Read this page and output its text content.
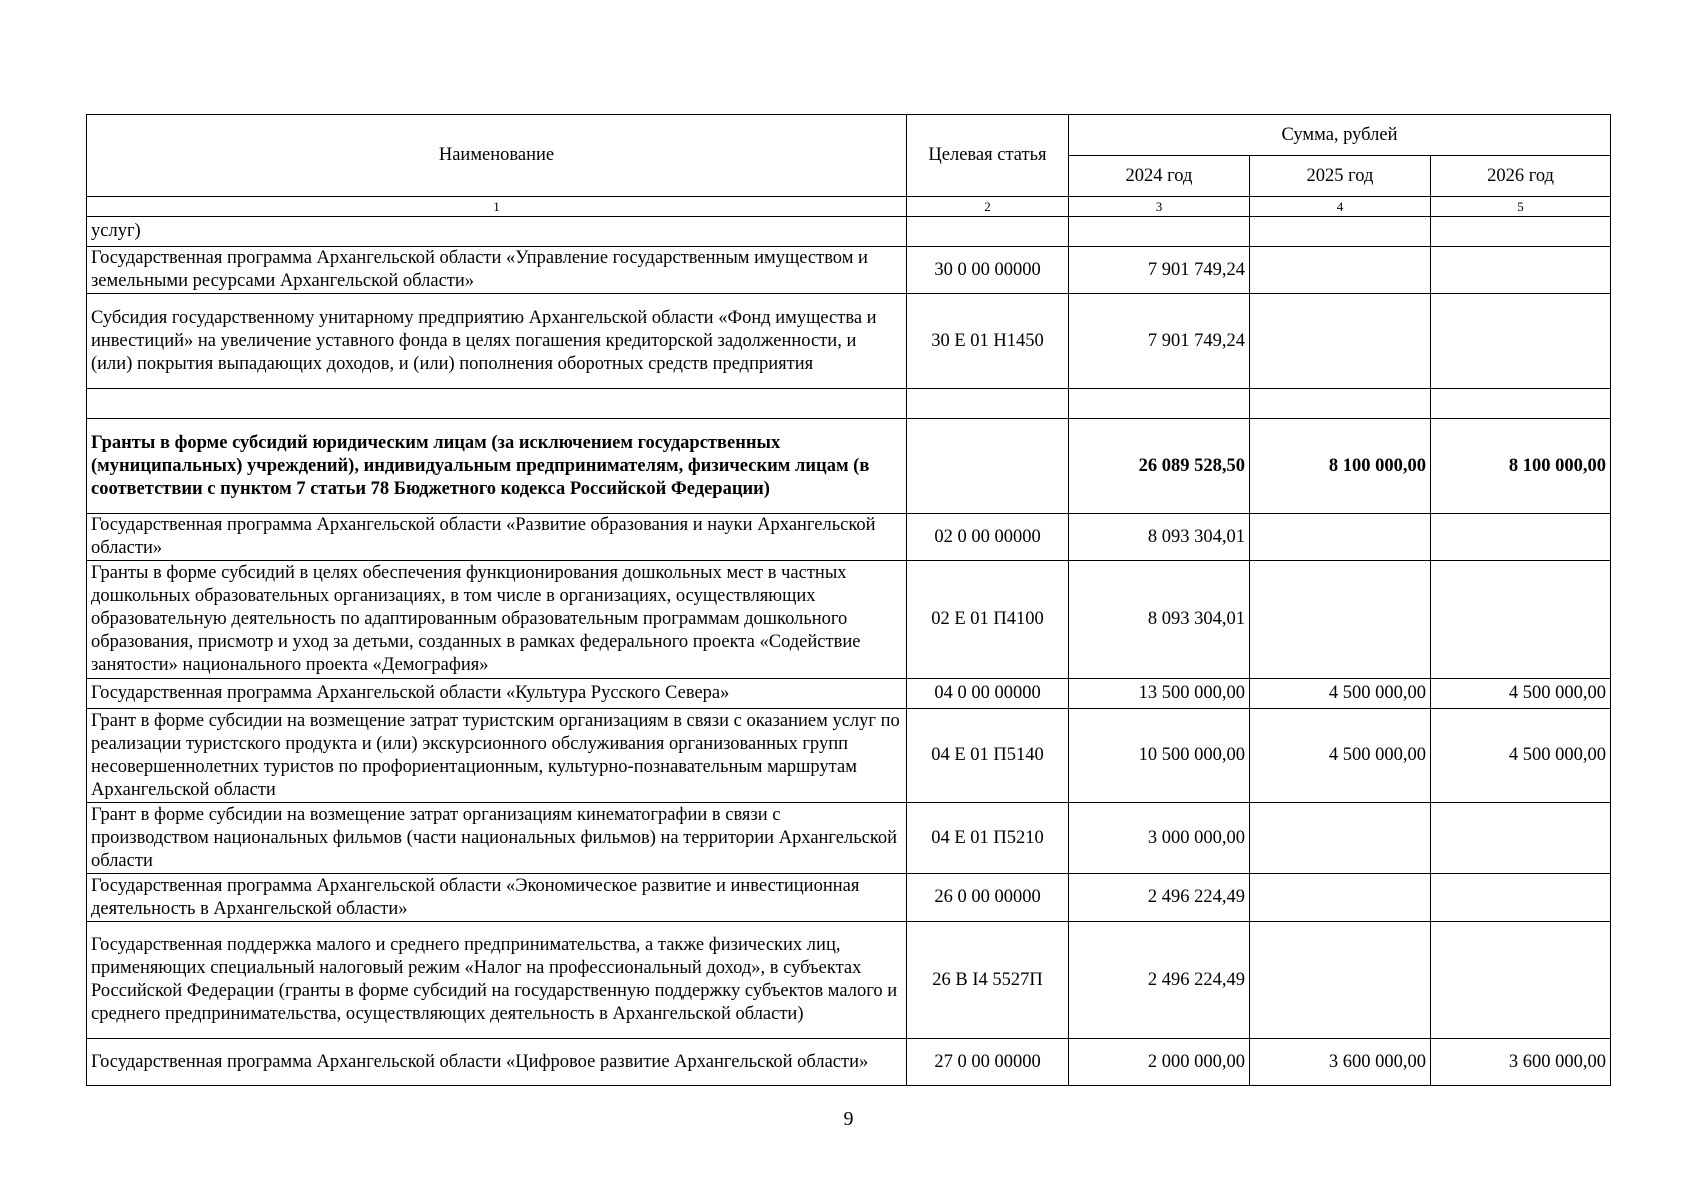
Наименование	Целевая статья	Сумма, рублей		
		2024 год	2025 год	2026 год
1	2	3	4	5
услуг)				
Государственная программа Архангельской области «Управление государственным имуществом и земельными ресурсами Архангельской области»	30 0 00 00000	7 901 749,24		
Субсидия государственному унитарному предприятию Архангельской области «Фонд имущества и инвестиций» на увеличение уставного фонда в целях погашения кредиторской задолженности, и (или) покрытия выпадающих доходов, и (или) пополнения оборотных средств предприятия	30 Е 01 Н1450	7 901 749,24		

Гранты в форме субсидий юридическим лицам (за исключением государственных (муниципальных) учреждений), индивидуальным предпринимателям, физическим лицам (в соответствии с пунктом 7 статьи 78 Бюджетного кодекса Российской Федерации)		26 089 528,50	8 100 000,00	8 100 000,00
Государственная программа Архангельской области «Развитие образования и науки Архангельской области»	02 0 00 00000	8 093 304,01		
Гранты в форме субсидий в целях обеспечения функционирования дошкольных мест в частных дошкольных образовательных организациях, в том числе в организациях, осуществляющих образовательную деятельность по адаптированным образовательным программам дошкольного образования, присмотр и уход за детьми, созданных в рамках федерального проекта «Содействие занятости» национального проекта «Демография»	02 Е 01 П4100	8 093 304,01		
Государственная программа Архангельской области «Культура Русского Севера»	04 0 00 00000	13 500 000,00	4 500 000,00	4 500 000,00
Грант в форме субсидии на возмещение затрат туристским организациям в связи с оказанием услуг по реализации туристского продукта и (или) экскурсионного обслуживания организованных групп несовершеннолетних туристов по профориентационным, культурно-познавательным маршрутам Архангельской области	04 Е 01 П5140	10 500 000,00	4 500 000,00	4 500 000,00
Грант в форме субсидии на возмещение затрат организациям кинематографии в связи с производством национальных фильмов (части национальных фильмов) на территории Архангельской области	04 Е 01 П5210	3 000 000,00		
Государственная программа Архангельской области «Экономическое развитие и инвестиционная деятельность в Архангельской области»	26 0 00 00000	2 496 224,49		
Государственная поддержка малого и среднего предпринимательства, а также физических лиц, применяющих специальный налоговый режим «Налог на профессиональный доход», в субъектах Российской Федерации (гранты в форме субсидий на государственную поддержку субъектов малого и среднего предпринимательства, осуществляющих деятельность в Архангельской области)	26 В I4 5527П	2 496 224,49		
Государственная программа Архангельской области «Цифровое развитие Архангельской области»	27 0 00 00000	2 000 000,00	3 600 000,00	3 600 000,00
9
